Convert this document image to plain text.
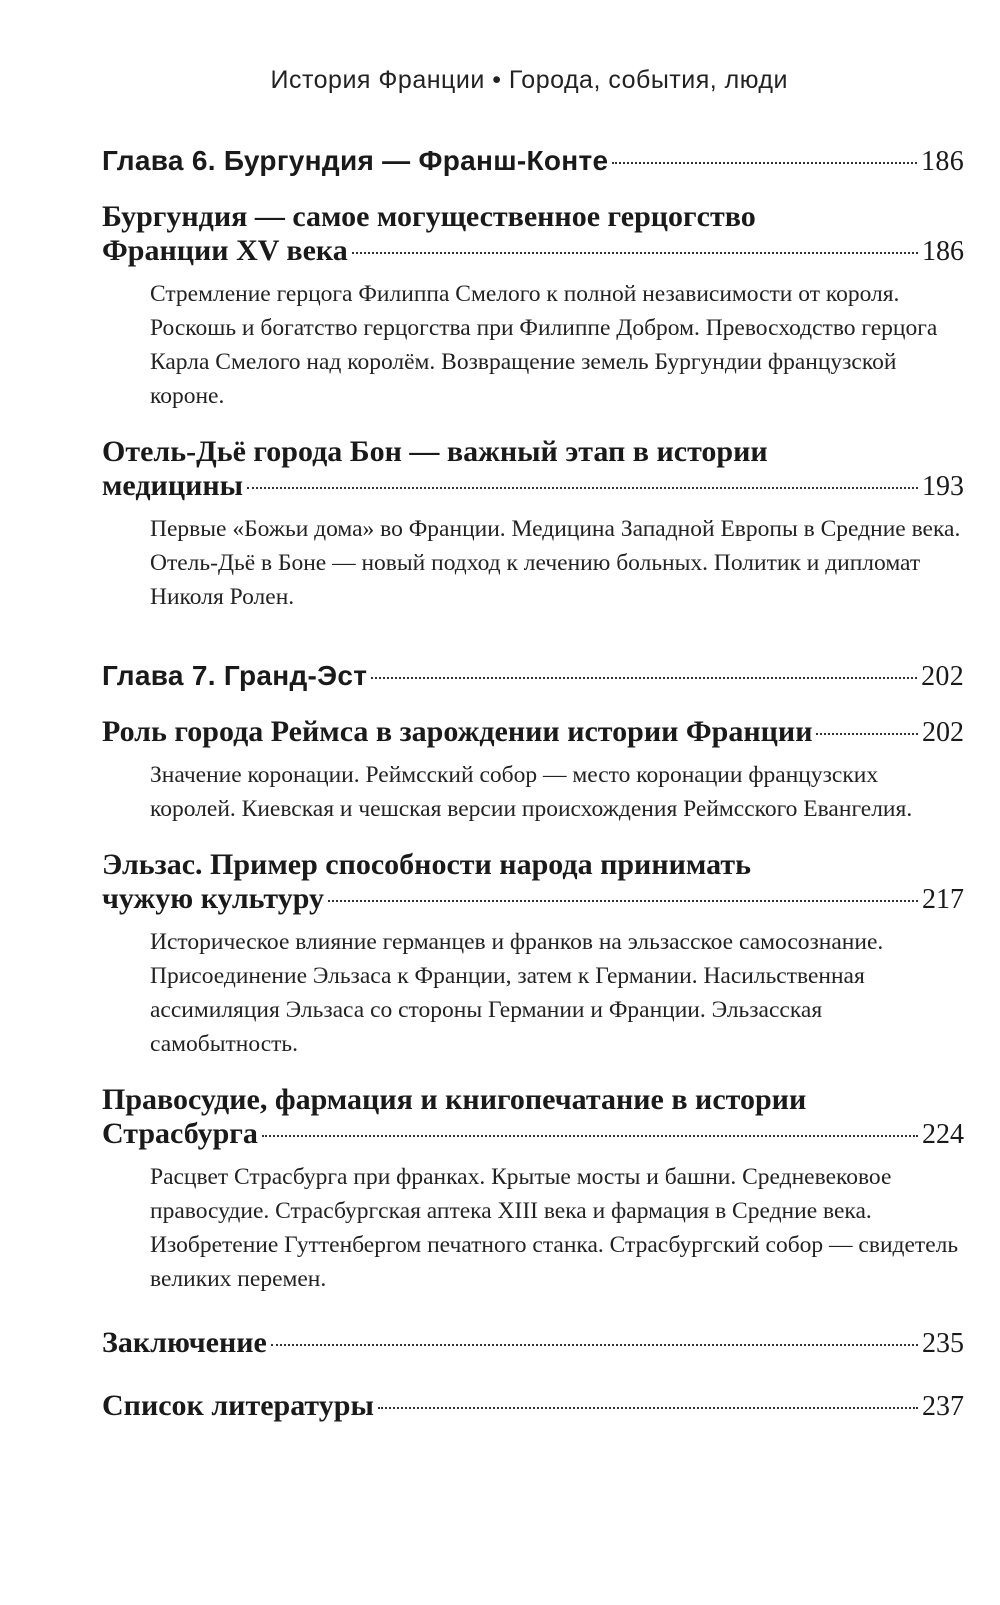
История Франции • Города, события, люди
Глава 6. Бургундия — Франш-Конте	186
Бургундия — самое могущественное герцогство
Франции XV века	186
Стремление герцога Филиппа Смелого к полной независимости от короля. Роскошь и богатство герцогства при Филиппе Добром. Превосходство герцога Карла Смелого над королём. Возвращение земель Бургундии французской короне.
Отель-Дьё города Бон — важный этап в истории
медицины	193
Первые «Божьи дома» во Франции. Медицина Западной Европы в Средние века. Отель-Дьё в Боне — новый подход к лечению больных. Политик и дипломат Николя Ролен.
Глава 7. Гранд-Эст	202
Роль города Реймса в зарождении истории Франции	202
Значение коронации. Реймсский собор — место коронации французских королей. Киевская и чешская версии происхождения Реймсского Евангелия.
Эльзас. Пример способности народа принимать
чужую культуру	217
Историческое влияние германцев и франков на эльзасское самосознание. Присоединение Эльзаса к Франции, затем к Германии. Насильственная ассимиляция Эльзаса со стороны Германии и Франции. Эльзасская самобытность.
Правосудие, фармация и книгопечатание в истории
Страсбурга	224
Расцвет Страсбурга при франках. Крытые мосты и башни. Средневековое правосудие. Страсбургская аптека XIII века и фармация в Средние века. Изобретение Гуттенбергом печатного станка. Страсбургский собор — свидетель великих перемен.
Заключение	235
Список литературы	237
